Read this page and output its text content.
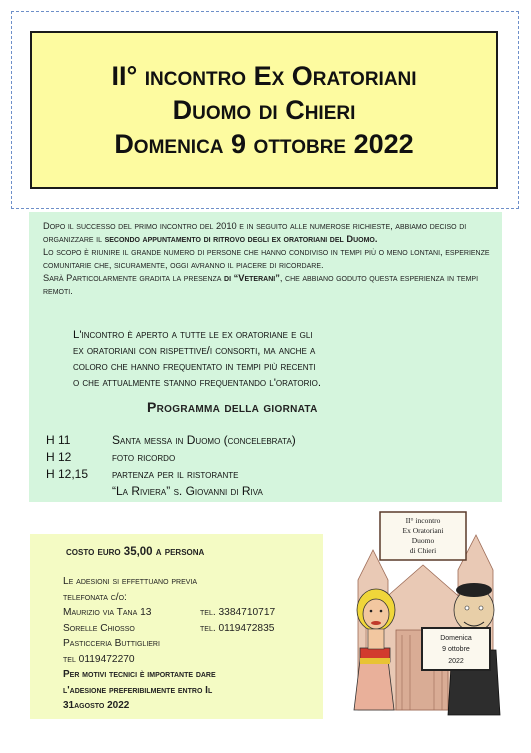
II° incontro Ex Oratoriani
Duomo di Chieri
Domenica 9 ottobre 2022

Dopo il successo del primo incontro del 2010 e in seguito alle numerose richieste, abbiamo deciso di organizzare il secondo appuntamento di ritrovo degli ex oratoriani del Duomo.

Lo scopo è riunire il grande numero di persone che hanno condiviso in tempi più o meno lontani, esperienze comunitarie che, sicuramente, oggi avranno il piacere di ricordare.

Sarà Particolarmente gradita la presenza di “Veterani”, che abbiano goduto questa esperienza in tempi remoti.

L'incontro è aperto a tutte le ex oratoriane e gli

ex oratoriani con rispettive/i consorti, ma anche a

coloro che hanno frequentato in tempi più recenti

o che attualmente stanno frequentando l'oratorio.

Programma della giornata
H 11	Santa messa in Duomo (concelebrata)
H 12	foto ricordo
H 12,15	partenza per il ristorante
“La Riviera” s. Giovanni di Riva
costo euro 35,00 a persona

Le adesioni si effettuano previa

telefonata c/o:

Maurizio via Tana 13	tel. 3384710717
Sorelle Chiosso	tel. 0119472835

Pasticceria Buttiglieri

tel 0119472270

Per motivi tecnici è importante dare

l'adesione preferibilmente entro Il

31agosto 2022

II° incontro
Ex Oratoriani
Duomo
di Chieri
Domenica
9 ottobre
2022
